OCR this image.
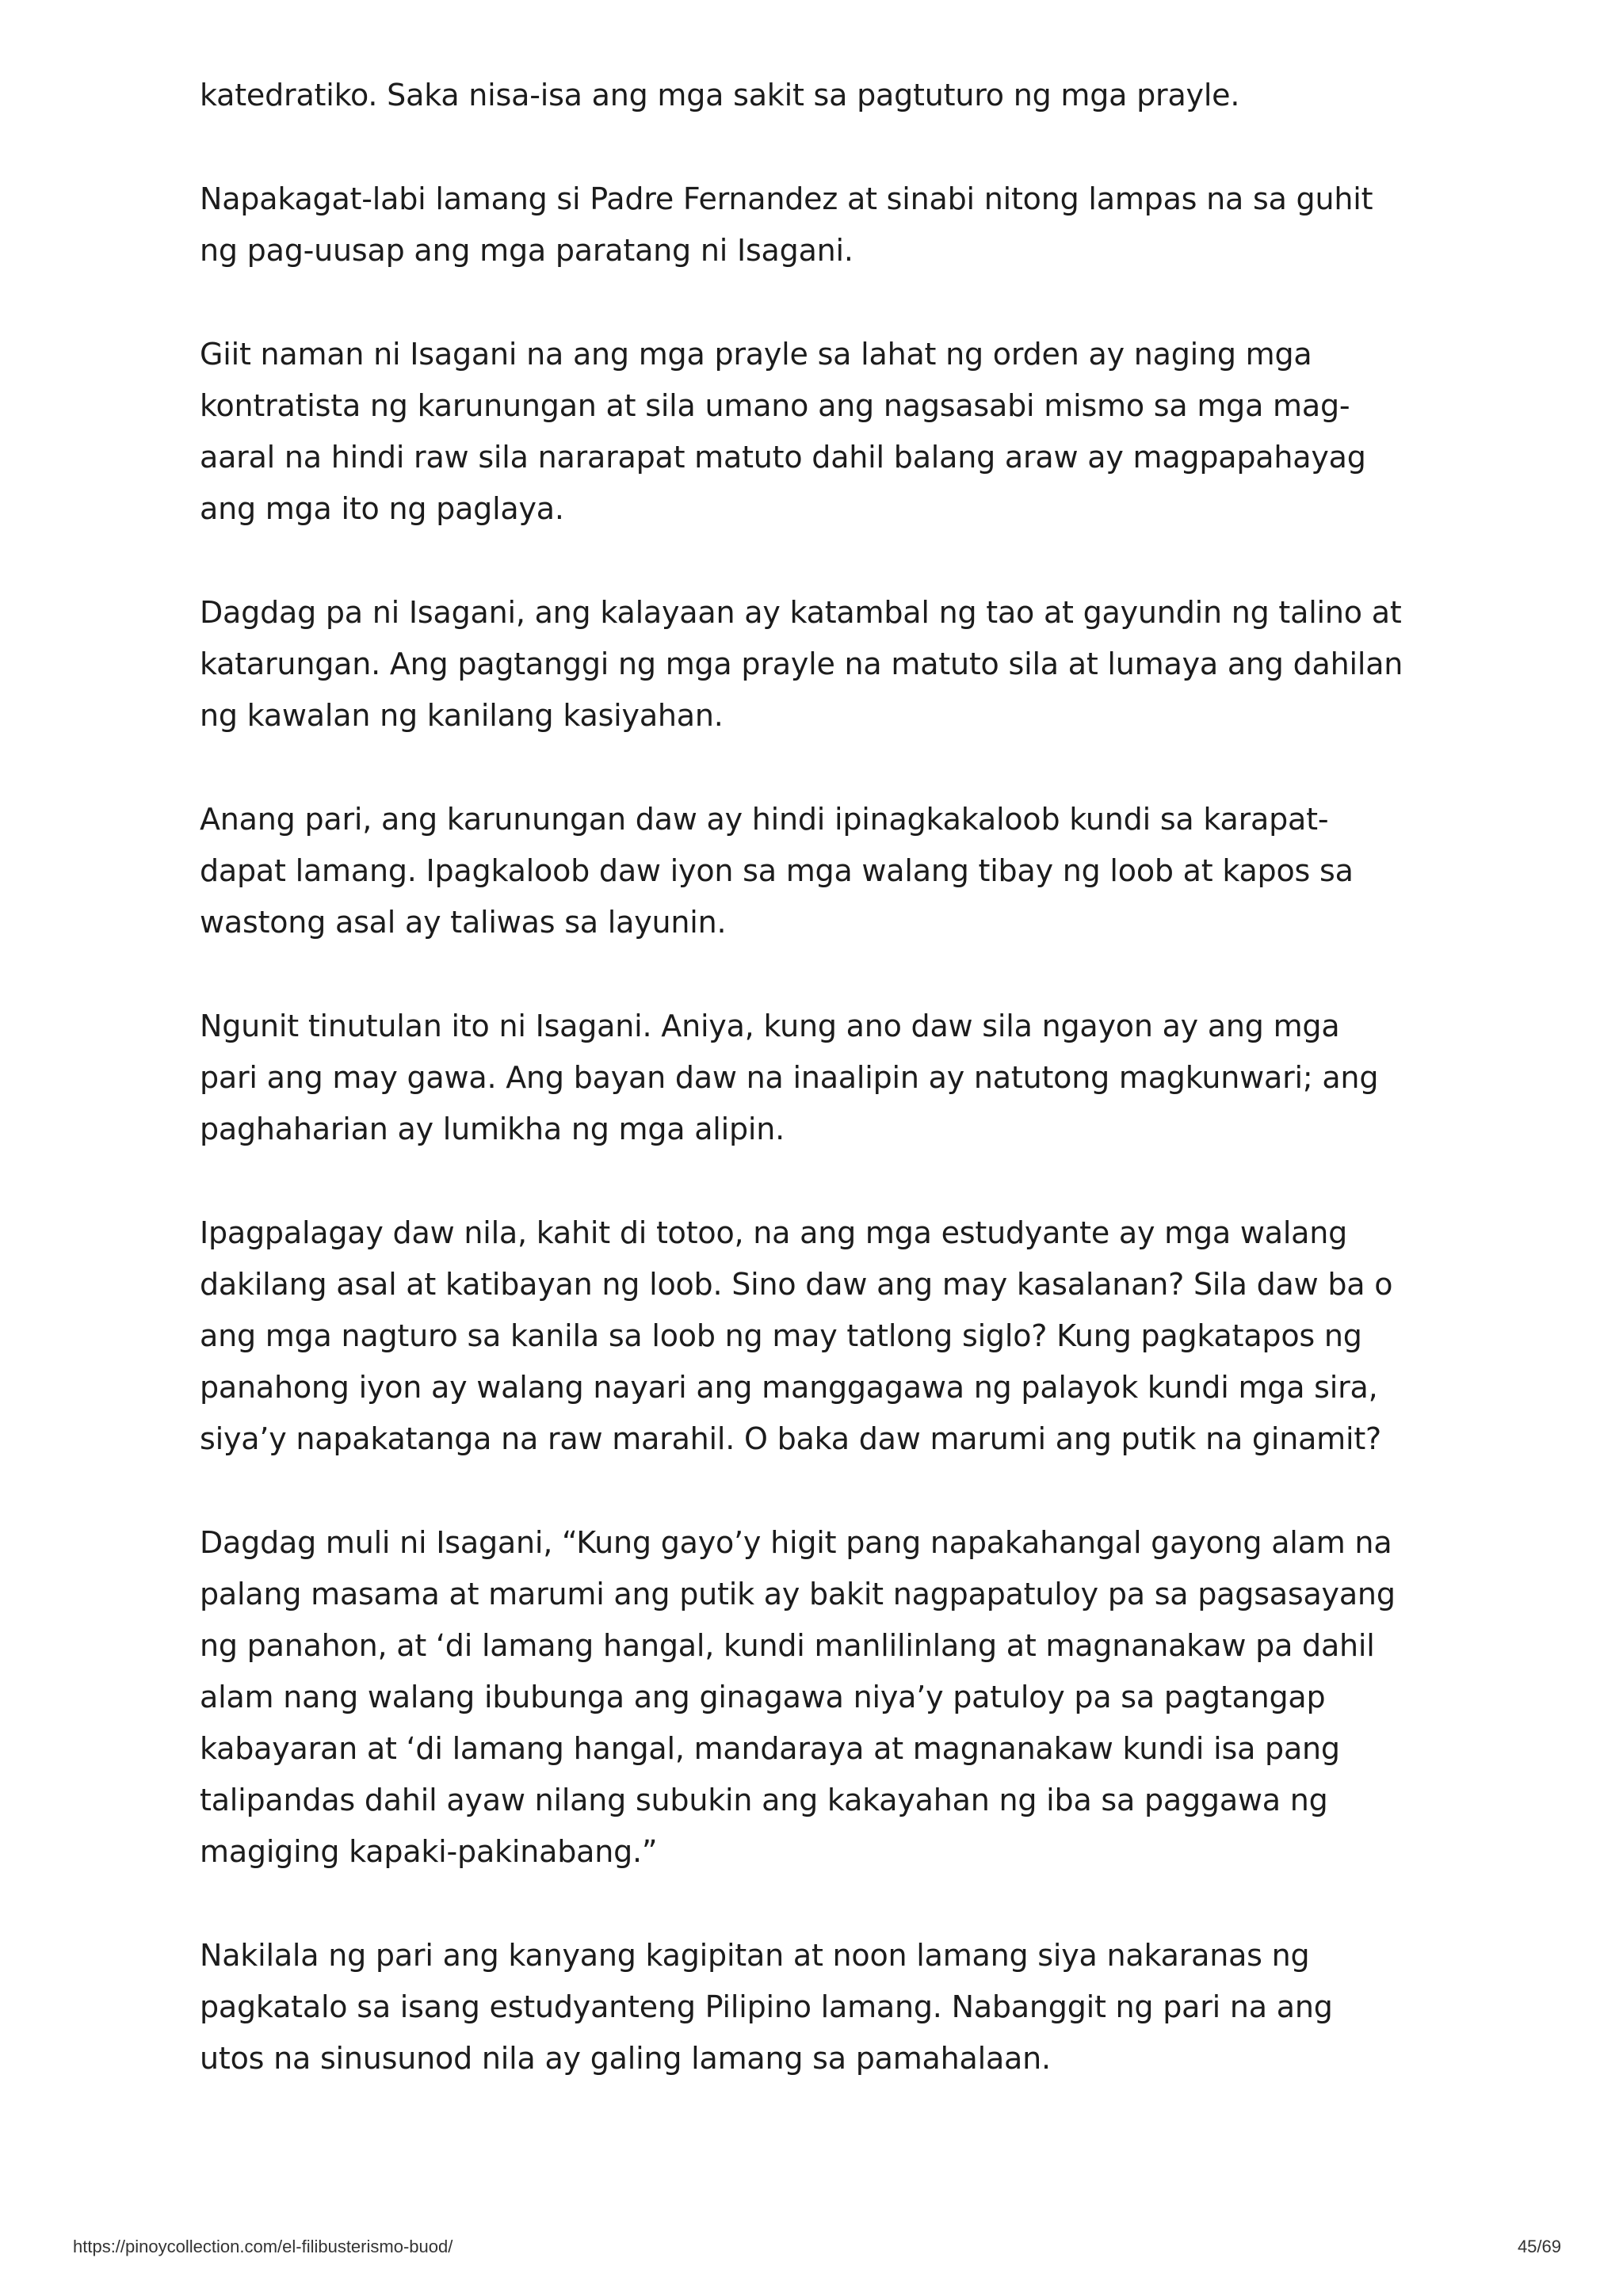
katedratiko. Saka nisa-isa ang mga sakit sa pagtuturo ng mga prayle.

Napakagat-labi lamang si Padre Fernandez at sinabi nitong lampas na sa guhit
ng pag-uusap ang mga paratang ni Isagani.

Giit naman ni Isagani na ang mga prayle sa lahat ng orden ay naging mga
kontratista ng karunungan at sila umano ang nagsasabi mismo sa mga mag-
aaral na hindi raw sila nararapat matuto dahil balang araw ay magpapahayag
ang mga ito ng paglaya.

Dagdag pa ni Isagani, ang kalayaan ay katambal ng tao at gayundin ng talino at
katarungan. Ang pagtanggi ng mga prayle na matuto sila at lumaya ang dahilan
ng kawalan ng kanilang kasiyahan.

Anang pari, ang karunungan daw ay hindi ipinagkakaloob kundi sa karapat-
dapat lamang. Ipagkaloob daw iyon sa mga walang tibay ng loob at kapos sa
wastong asal ay taliwas sa layunin.

Ngunit tinutulan ito ni Isagani. Aniya, kung ano daw sila ngayon ay ang mga
pari ang may gawa. Ang bayan daw na inaalipin ay natutong magkunwari; ang
paghaharian ay lumikha ng mga alipin.

Ipagpalagay daw nila, kahit di totoo, na ang mga estudyante ay mga walang
dakilang asal at katibayan ng loob. Sino daw ang may kasalanan? Sila daw ba o
ang mga nagturo sa kanila sa loob ng may tatlong siglo? Kung pagkatapos ng
panahong iyon ay walang nayari ang manggagawa ng palayok kundi mga sira,
siya’y napakatanga na raw marahil. O baka daw marumi ang putik na ginamit?

Dagdag muli ni Isagani, “Kung gayo’y higit pang napakahangal gayong alam na
palang masama at marumi ang putik ay bakit nagpapatuloy pa sa pagsasayang
ng panahon, at ‘di lamang hangal, kundi manlilinlang at magnanakaw pa dahil
alam nang walang ibubunga ang ginagawa niya’y patuloy pa sa pagtangap
kabayaran at ‘di lamang hangal, mandaraya at magnanakaw kundi isa pang
talipandas dahil ayaw nilang subukin ang kakayahan ng iba sa paggawa ng
magiging kapaki-pakinabang.”

Nakilala ng pari ang kanyang kagipitan at noon lamang siya nakaranas ng
pagkatalo sa isang estudyanteng Pilipino lamang. Nabanggit ng pari na ang
utos na sinusunod nila ay galing lamang sa pamahalaan.

https://pinoycollection.com/el-filibusterismo-buod/	45/69
